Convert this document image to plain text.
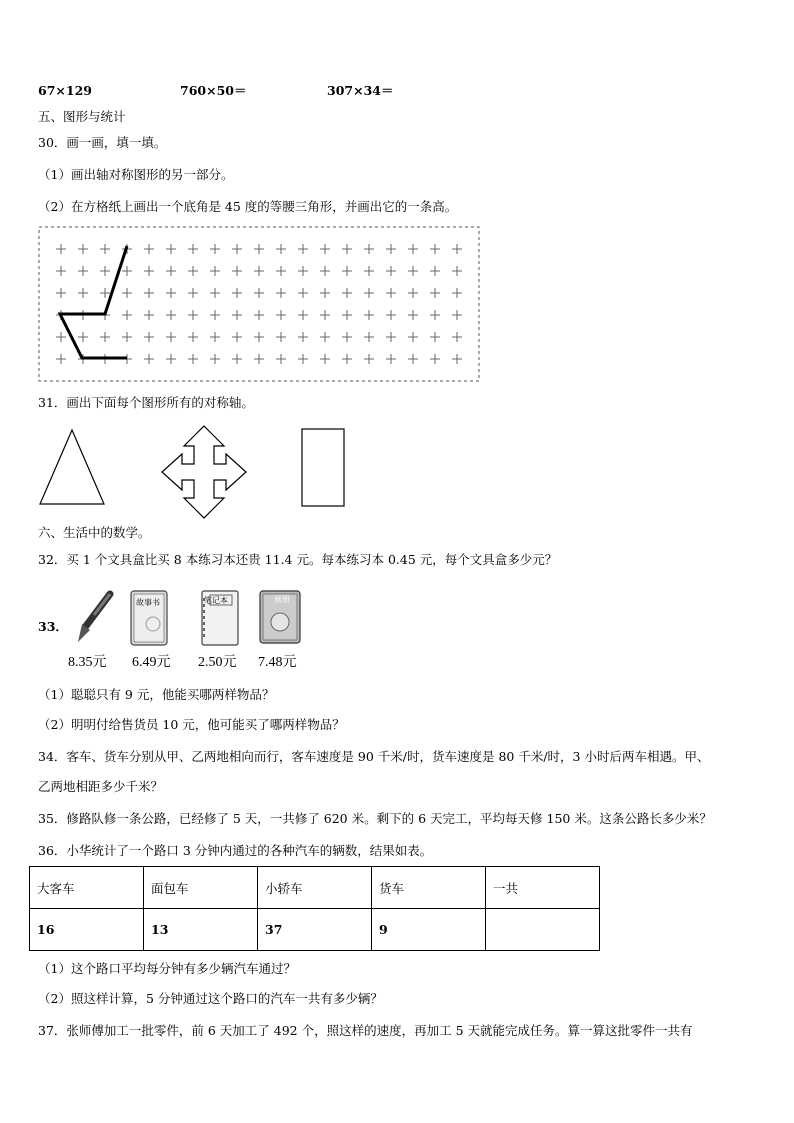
67×129	760×50＝	307×34＝
五、图形与统计
30．画一画，填一填。
（1）画出轴对称图形的另一部分。
（2）在方格纸上画出一个底角是 45 度的等腰三角形，并画出它的一条高。
31．画出下面每个图形所有的对称轴。
六、生活中的数学。
32．买 1 个文具盒比买 8 本练习本还贵 11.4 元。每本练习本 0.45 元，每个文具盒多少元？
33．
故事书	笔记本	画册
8.35元 6.49元 2.50元 7.48元
（1）聪聪只有 9 元，他能买哪两样物品？
（2）明明付给售货员 10 元，他可能买了哪两样物品？
34．客车、货车分别从甲、乙两地相向而行，客车速度是 90 千米/时，货车速度是 80 千米/时，3 小时后两车相遇。甲、
乙两地相距多少千米？
35．修路队修一条公路，已经修了 5 天，一共修了 620 米。剩下的 6 天完工，平均每天修 150 米。这条公路长多少米？
36．小华统计了一个路口 3 分钟内通过的各种汽车的辆数，结果如表。
大客车	面包车	小轿车	货车	一共
16	13	37	9	
（1）这个路口平均每分钟有多少辆汽车通过？
（2）照这样计算，5 分钟通过这个路口的汽车一共有多少辆？
37．张师傅加工一批零件，前 6 天加工了 492 个，照这样的速度，再加工 5 天就能完成任务。算一算这批零件一共有
